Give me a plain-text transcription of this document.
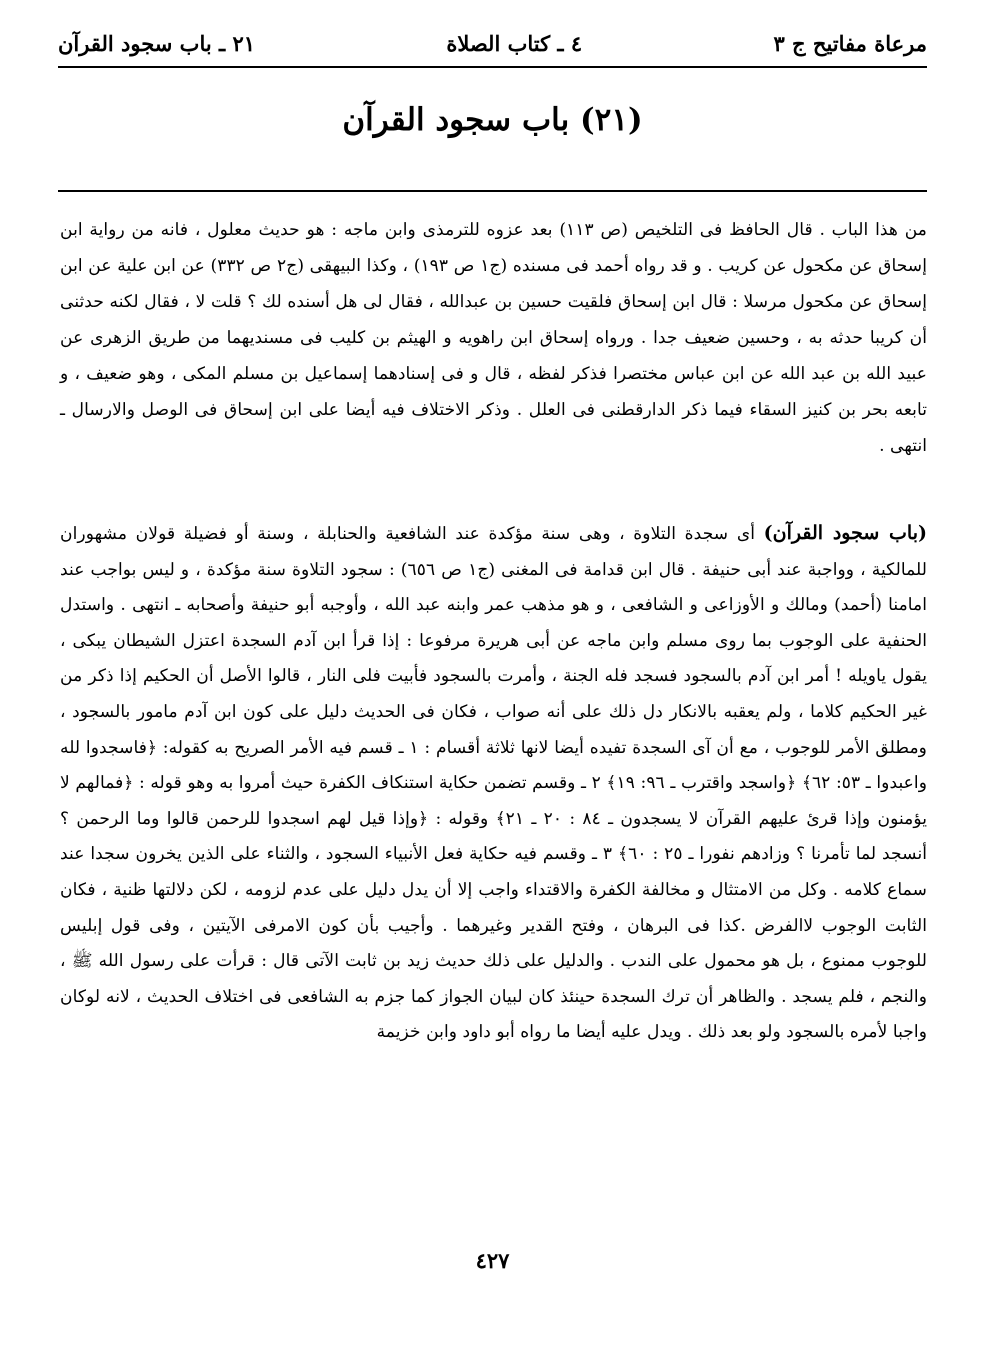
مرعاة مفاتيح ج ٣
٤ ـ كتاب الصلاة
٢١ ـ باب سجود القرآن
(٢١) باب سجود القرآن

من هذا الباب . قال الحافظ فى التلخيص (ص ١١٣) بعد عزوه للترمذى وابن ماجه : هو حديث معلول ، فانه من رواية ابن إسحاق عن مكحول عن كريب . و قد رواه أحمد فى مسنده (ج١ ص ١٩٣) ، وكذا البيهقى (ج٢ ص ٣٣٢) عن ابن علية عن ابن إسحاق عن مكحول مرسلا : قال ابن إسحاق فلقيت حسين بن عبدالله ، فقال لى هل أسنده لك ؟ قلت لا ، فقال لكنه حدثنى أن كريبا حدثه به ، وحسين ضعيف جدا . ورواه إسحاق ابن راهويه و الهيثم بن كليب فى مسنديهما من طريق الزهرى عن عبيد الله بن عبد الله عن ابن عباس مختصرا فذكر لفظه ، قال و فى إسنادهما إسماعيل بن مسلم المكى ، وهو ضعيف ، و تابعه بحر بن كنيز السقاء فيما ذكر الدارقطنى فى العلل . وذكر الاختلاف فيه أيضا على ابن إسحاق فى الوصل والارسال ـ انتهى .

(باب سجود القرآن) أى سجدة التلاوة ، وهى سنة مؤكدة عند الشافعية والحنابلة ، وسنة أو فضيلة قولان مشهوران للمالكية ، وواجبة عند أبى حنيفة . قال ابن قدامة فى المغنى (ج١ ص ٦٥٦) : سجود التلاوة سنة مؤكدة ، و ليس بواجب عند امامنا (أحمد) ومالك و الأوزاعى و الشافعى ، و هو مذهب عمر وابنه عبد الله ، وأوجبه أبو حنيفة وأصحابه ـ انتهى . واستدل الحنفية على الوجوب بما روى مسلم وابن ماجه عن أبى هريرة مرفوعا : إذا قرأ ابن آدم السجدة اعتزل الشيطان يبكى ، يقول ياويله ! أمر ابن آدم بالسجود فسجد فله الجنة ، وأمرت بالسجود فأبيت فلى النار ، قالوا الأصل أن الحكيم إذا ذكر من غير الحكيم كلاما ، ولم يعقبه بالانكار دل ذلك على أنه صواب ، فكان فى الحديث دليل على كون ابن آدم مامور بالسجود ، ومطلق الأمر للوجوب ، مع أن آى السجدة تفيده أيضا لانها ثلاثة أقسام : ١ ـ قسم فيه الأمر الصريح به كقوله: ﴿فاسجدوا لله واعبدوا ـ ٥٣: ٦٢﴾ ﴿واسجد واقترب ـ ٩٦: ١٩﴾ ٢ ـ وقسم تضمن حكاية استنكاف الكفرة حيث أمروا به وهو قوله : ﴿فمالهم لا يؤمنون وإذا قرئ عليهم القرآن لا يسجدون ـ ٨٤ : ٢٠ ـ ٢١﴾ وقوله : ﴿وإذا قيل لهم اسجدوا للرحمن قالوا وما الرحمن ؟ أنسجد لما تأمرنا ؟ وزادهم نفورا ـ ٢٥ : ٦٠﴾ ٣ ـ وقسم فيه حكاية فعل الأنبياء السجود ، والثناء على الذين يخرون سجدا عند سماع كلامه . وكل من الامتثال و مخالفة الكفرة والاقتداء واجب إلا أن يدل دليل على عدم لزومه ، لكن دلالتها ظنية ، فكان الثابت الوجوب لاالفرض .كذا فى البرهان ، وفتح القدير وغيرهما . وأجيب بأن كون الامرفى الآيتين ، وفى قول إبليس للوجوب ممنوع ، بل هو محمول على الندب . والدليل على ذلك حديث زيد بن ثابت الآتى قال : قرأت على رسول الله ﷺ ، والنجم ، فلم يسجد . والظاهر أن ترك السجدة حينئذ كان لبيان الجواز كما جزم به الشافعى فى اختلاف الحديث ، لانه لوكان واجبا لأمره بالسجود ولو بعد ذلك . ويدل عليه أيضا ما رواه أبو داود وابن خزيمة

٤٢٧
